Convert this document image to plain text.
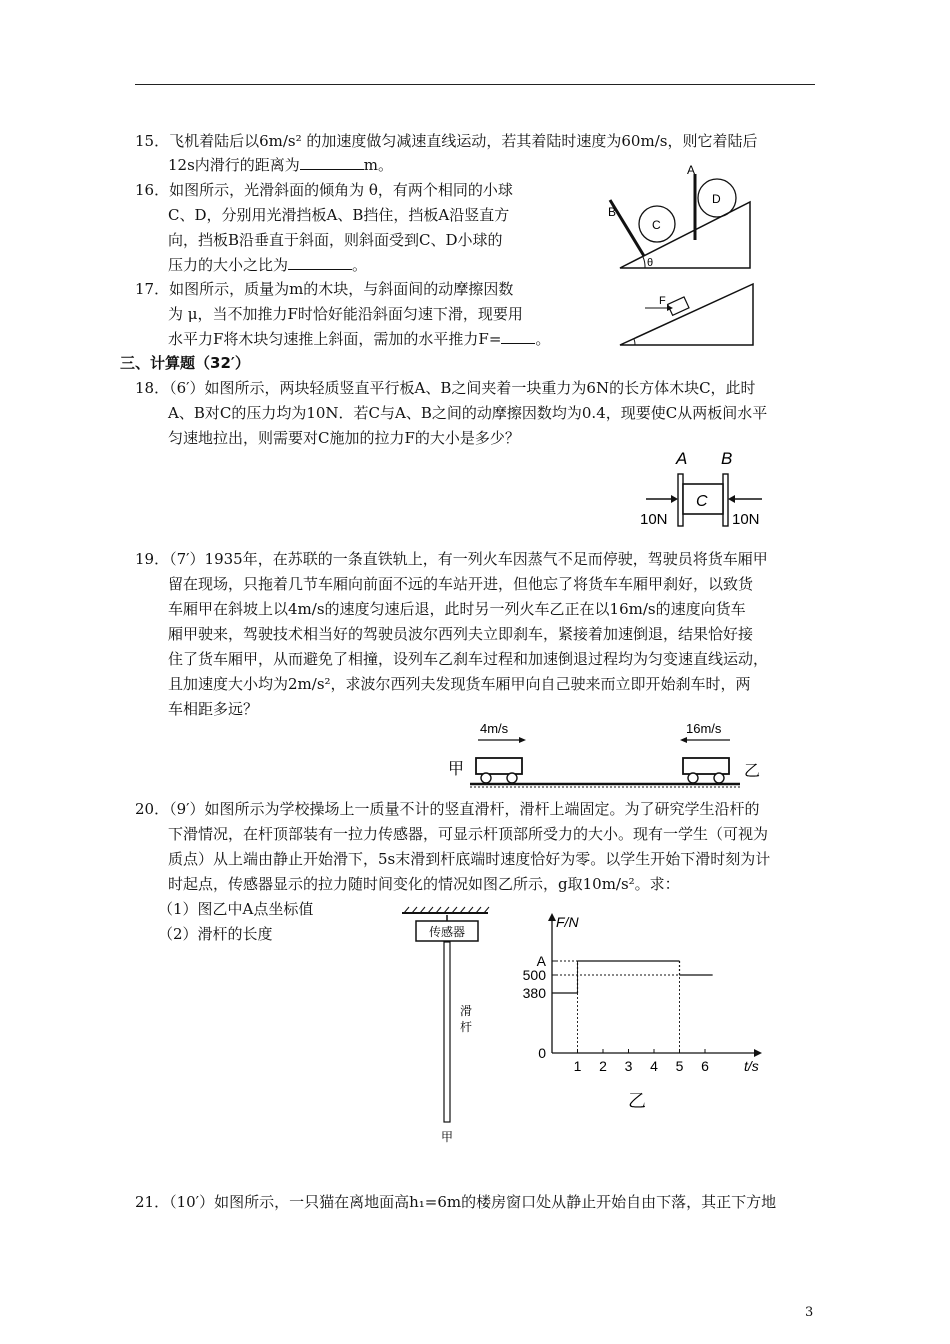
15．飞机着陆后以6m/s² 的加速度做匀减速直线运动，若其着陆时速度为60m/s，则它着陆后
12s内滑行的距离为	m。
16．如图所示，光滑斜面的倾角为 θ，有两个相同的小球
C、D，分别用光滑挡板A、B挡住，挡板A沿竖直方
向，挡板B沿垂直于斜面，则斜面受到C、D小球的
压力的大小之比为	。
A
B
C
D
θ
17．如图所示，质量为m的木块，与斜面间的动摩擦因数
为 μ，当不加推力F时恰好能沿斜面匀速下滑，现要用
水平力F将木块匀速推上斜面，需加的水平推力F= 。
F
三、计算题（32′）
18．（6′）如图所示，两块轻质竖直平行板A、B之间夹着一块重力为6N的长方体木块C，此时
A、B对C的压力均为10N．若C与A、B之间的动摩擦因数均为0.4，现要使C从两板间水平
匀速地拉出，则需要对C施加的拉力F的大小是多少？
A B
C
10N	10N
19．（7′）1935年，在苏联的一条直铁轨上，有一列火车因蒸气不足而停驶，驾驶员将货车厢甲
留在现场，只拖着几节车厢向前面不远的车站开进，但他忘了将货车车厢甲刹好，以致货
车厢甲在斜坡上以4m/s的速度匀速后退，此时另一列火车乙正在以16m/s的速度向货车
厢甲驶来，驾驶技术相当好的驾驶员波尔西列夫立即刹车，紧接着加速倒退，结果恰好接
住了货车厢甲，从而避免了相撞，设列车乙刹车过程和加速倒退过程均为匀变速直线运动，
且加速度大小均为2m/s²，求波尔西列夫发现货车厢甲向自己驶来而立即开始刹车时，两
车相距多远？
4m/s	16m/s
甲	乙
20．（9′）如图所示为学校操场上一质量不计的竖直滑杆，滑杆上端固定。为了研究学生沿杆的
下滑情况，在杆顶部装有一拉力传感器，可显示杆顶部所受力的大小。现有一学生（可视为
质点）从上端由静止开始滑下，5s末滑到杆底端时速度恰好为零。以学生开始下滑时刻为计
时起点，传感器显示的拉力随时间变化的情况如图乙所示，g取10m/s²。求：
（1）图乙中A点坐标值
（2）滑杆的长度	传感器
滑
杆
甲
F/N
t/s
1 2 3 4 5 6
0
380
500
A
乙
21．（10′）如图所示，一只猫在离地面高h₁=6m的楼房窗口处从静止开始自由下落，其正下方地
3
